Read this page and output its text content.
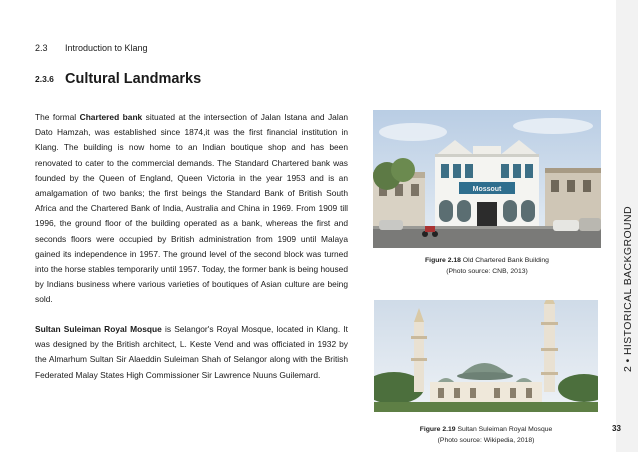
2 • HISTORICAL BACKGROUND
2.3 Introduction to Klang
2.3.6 Cultural Landmarks

The formal Chartered bank situated at the intersection of Jalan Istana and Jalan Dato Hamzah, was established since 1874,it was the first financial institution in Klang. The building is now home to an Indian boutique shop and has been renovated to cater to the commercial demands. The Standard Chartered bank was founded by the Queen of England, Queen Victoria in the year 1953 and is an amalgamation of two banks; the first beings the Standard Bank of British South Africa and the Chartered Bank of India, Australia and China in 1969. From 1909 till 1996, the ground floor of the building operated as a bank, whereas the first and seconds floors were occupied by British administration from 1909 until Malaya gained its independence in 1957. The ground level of the second block was turned into the horse stables temporarily until 1957. Today, the former bank is being housed by Indians business where various varieties of boutiques of Asian culture are being sold.

Sultan Suleiman Royal Mosque is Selangor's Royal Mosque, located in Klang. It was designed by the British architect, L. Keste Vend and was officiated in 1932 by the Almarhum Sultan Sir Alaeddin Suleiman Shah of Selangor along with the British Federated Malay States High Commissioner Sir Lawrence Nuuns Guilemard.

Mossout
Figure 2.18 Old Chartered Bank Building
(Photo source: CNB, 2013)
Figure 2.19 Sultan Suleiman Royal Mosque
(Photo source: Wikipedia, 2018)
33
